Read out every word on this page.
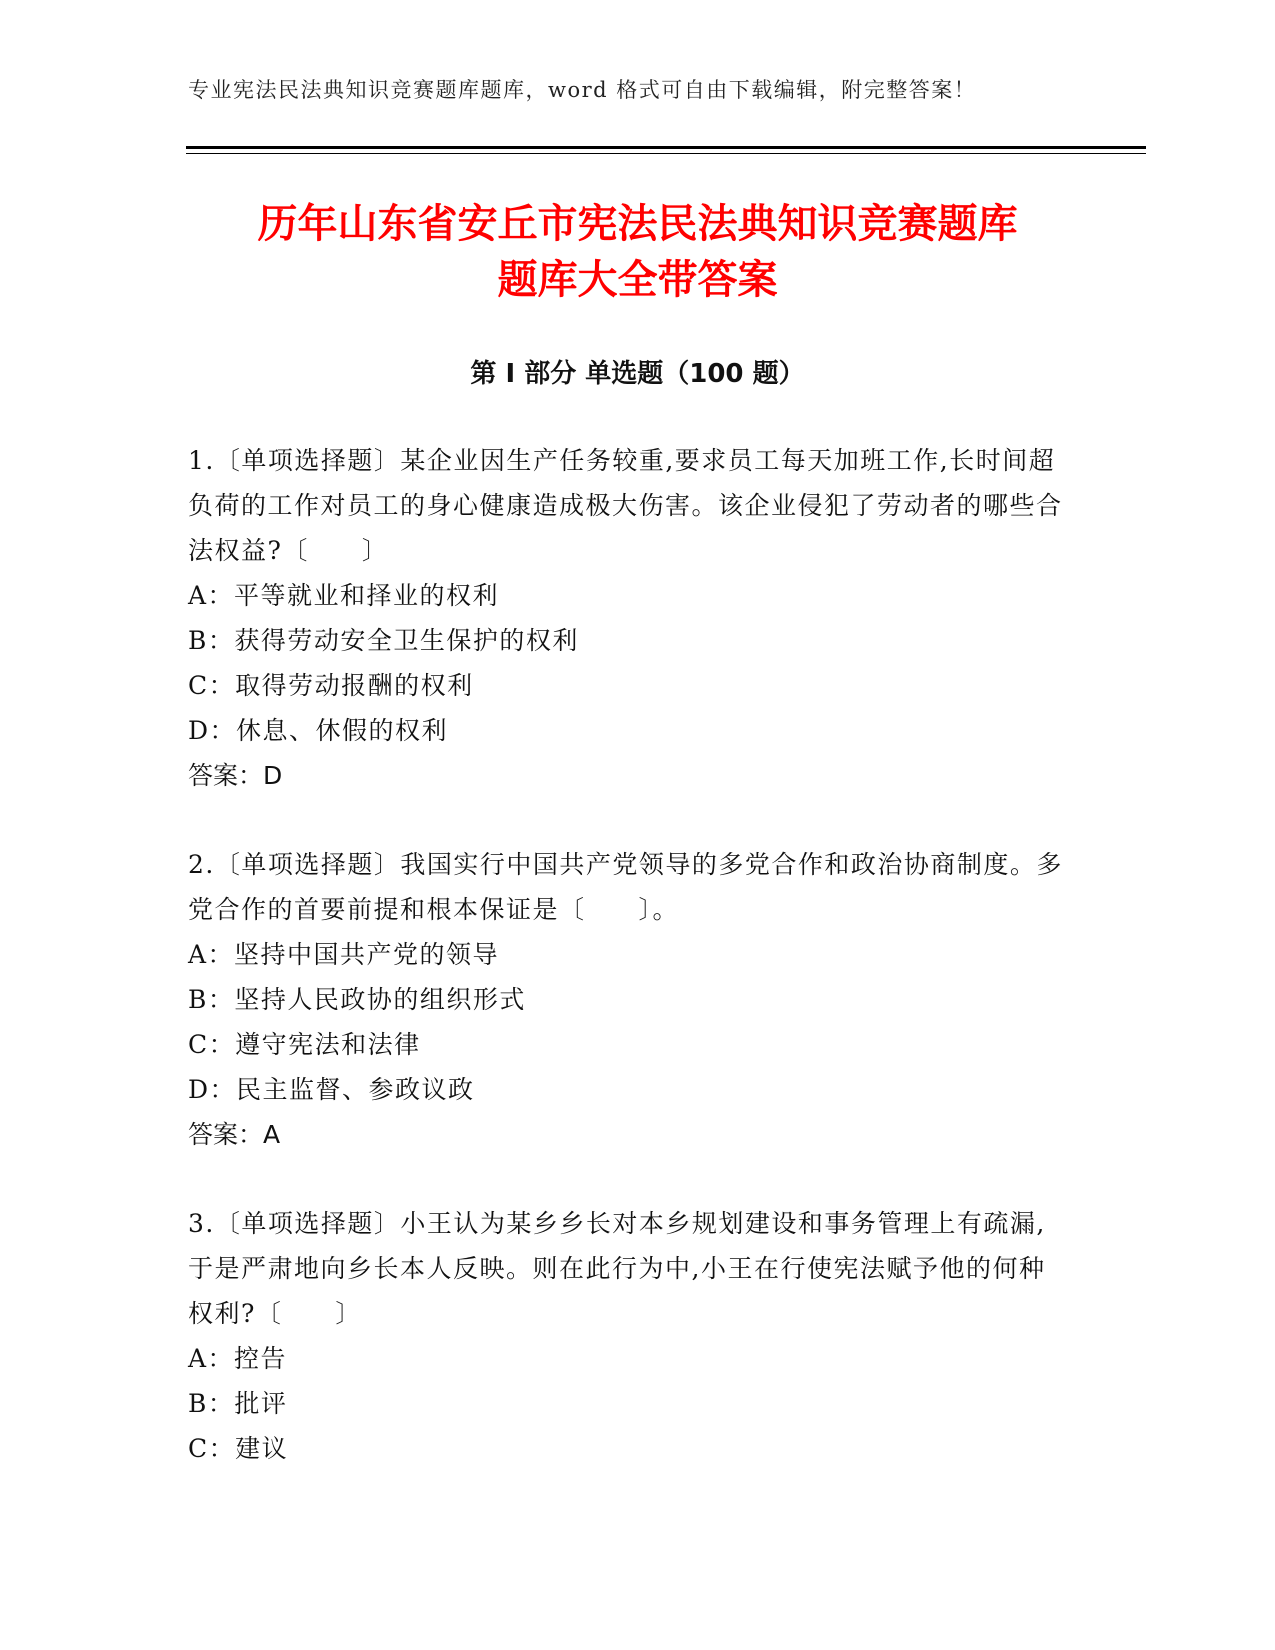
专业宪法民法典知识竞赛题库题库，word 格式可自由下载编辑，附完整答案！
历年山东省安丘市宪法民法典知识竞赛题库
题库大全带答案
第 I 部分 单选题（100 题）

1.〔单项选择题〕某企业因生产任务较重,要求员工每天加班工作,长时间超负荷的工作对员工的身心健康造成极大伤害。该企业侵犯了劳动者的哪些合法权益?〔　　〕

A：平等就业和择业的权利

B：获得劳动安全卫生保护的权利

C：取得劳动报酬的权利

D：休息、休假的权利

答案：D

2.〔单项选择题〕我国实行中国共产党领导的多党合作和政治协商制度。多党合作的首要前提和根本保证是〔　　〕。

A：坚持中国共产党的领导

B：坚持人民政协的组织形式

C：遵守宪法和法律

D：民主监督、参政议政

答案：A

3.〔单项选择题〕小王认为某乡乡长对本乡规划建设和事务管理上有疏漏,于是严肃地向乡长本人反映。则在此行为中,小王在行使宪法赋予他的何种权利?〔　　〕

A：控告

B：批评

C：建议
